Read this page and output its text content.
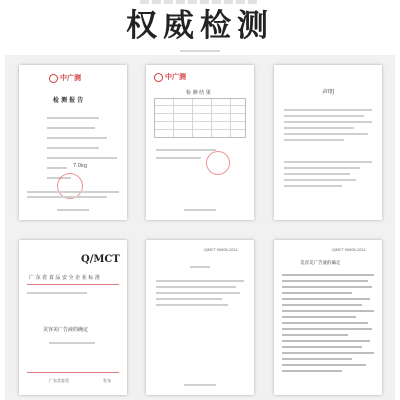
权威检测
中广测
检 测 报 告
7.0kg
中广测
检 测 结 果	声明
Q/MCT
广 东 省 食 品 安 全 企 业 标 准
美容美广告液的确定
广东美容美	发布
Q/MCT 0000S-2021	Q/MCT 0000S-2021
美容美广告液的确定
